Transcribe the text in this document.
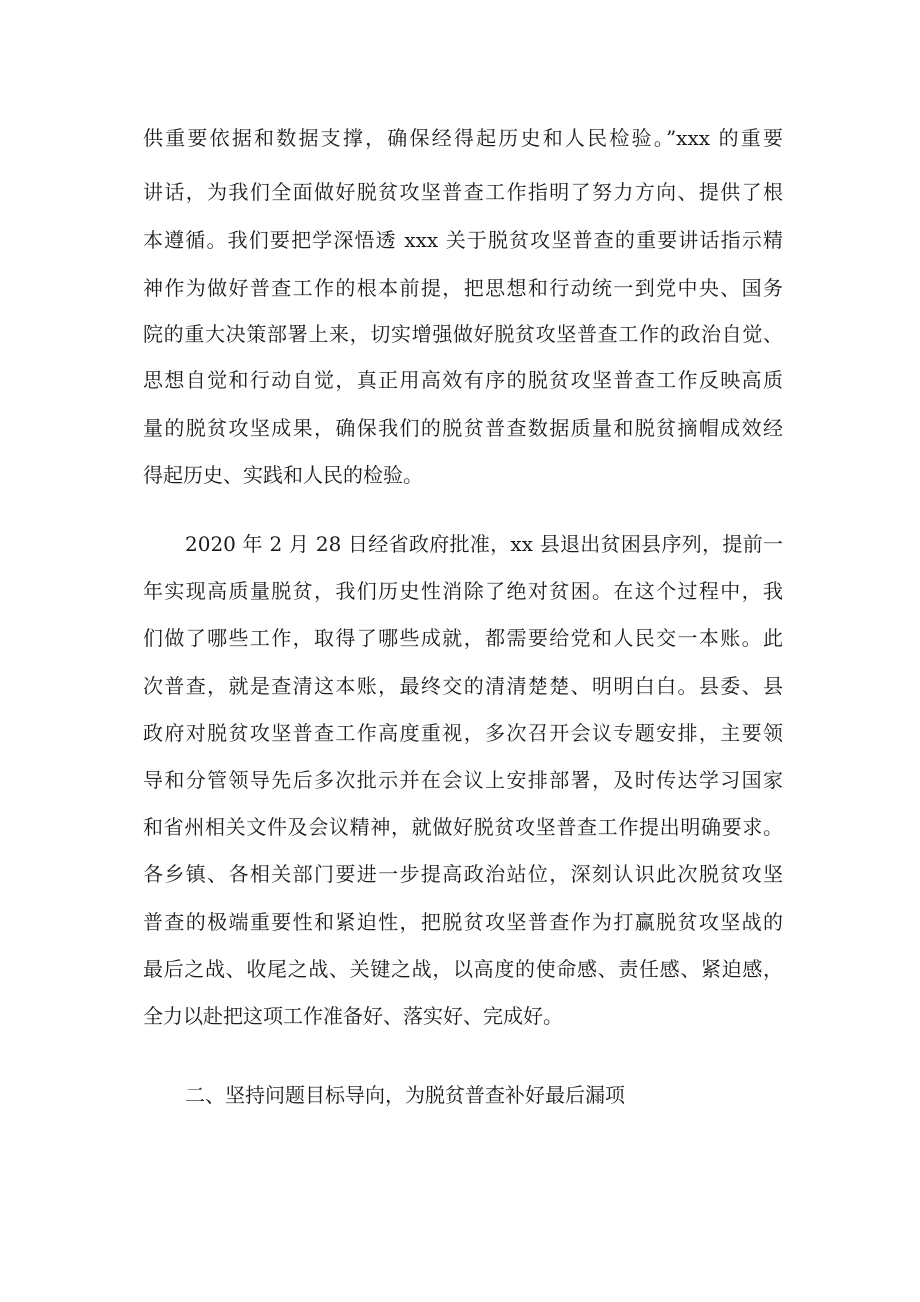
供重要依据和数据支撑，确保经得起历史和人民检验。”xxx 的重要
讲话，为我们全面做好脱贫攻坚普查工作指明了努力方向、提供了根
本遵循。我们要把学深悟透 xxx 关于脱贫攻坚普查的重要讲话指示精
神作为做好普查工作的根本前提，把思想和行动统一到党中央、国务
院的重大决策部署上来，切实增强做好脱贫攻坚普查工作的政治自觉、
思想自觉和行动自觉，真正用高效有序的脱贫攻坚普查工作反映高质
量的脱贫攻坚成果，确保我们的脱贫普查数据质量和脱贫摘帽成效经
得起历史、实践和人民的检验。
2020 年 2 月 28 日经省政府批准，xx 县退出贫困县序列，提前一
年实现高质量脱贫，我们历史性消除了绝对贫困。在这个过程中，我
们做了哪些工作，取得了哪些成就，都需要给党和人民交一本账。此
次普查，就是查清这本账，最终交的清清楚楚、明明白白。县委、县
政府对脱贫攻坚普查工作高度重视，多次召开会议专题安排，主要领
导和分管领导先后多次批示并在会议上安排部署，及时传达学习国家
和省州相关文件及会议精神，就做好脱贫攻坚普查工作提出明确要求。
各乡镇、各相关部门要进一步提高政治站位，深刻认识此次脱贫攻坚
普查的极端重要性和紧迫性，把脱贫攻坚普查作为打赢脱贫攻坚战的
最后之战、收尾之战、关键之战，以高度的使命感、责任感、紧迫感，
全力以赴把这项工作准备好、落实好、完成好。
二、坚持问题目标导向，为脱贫普查补好最后漏项
